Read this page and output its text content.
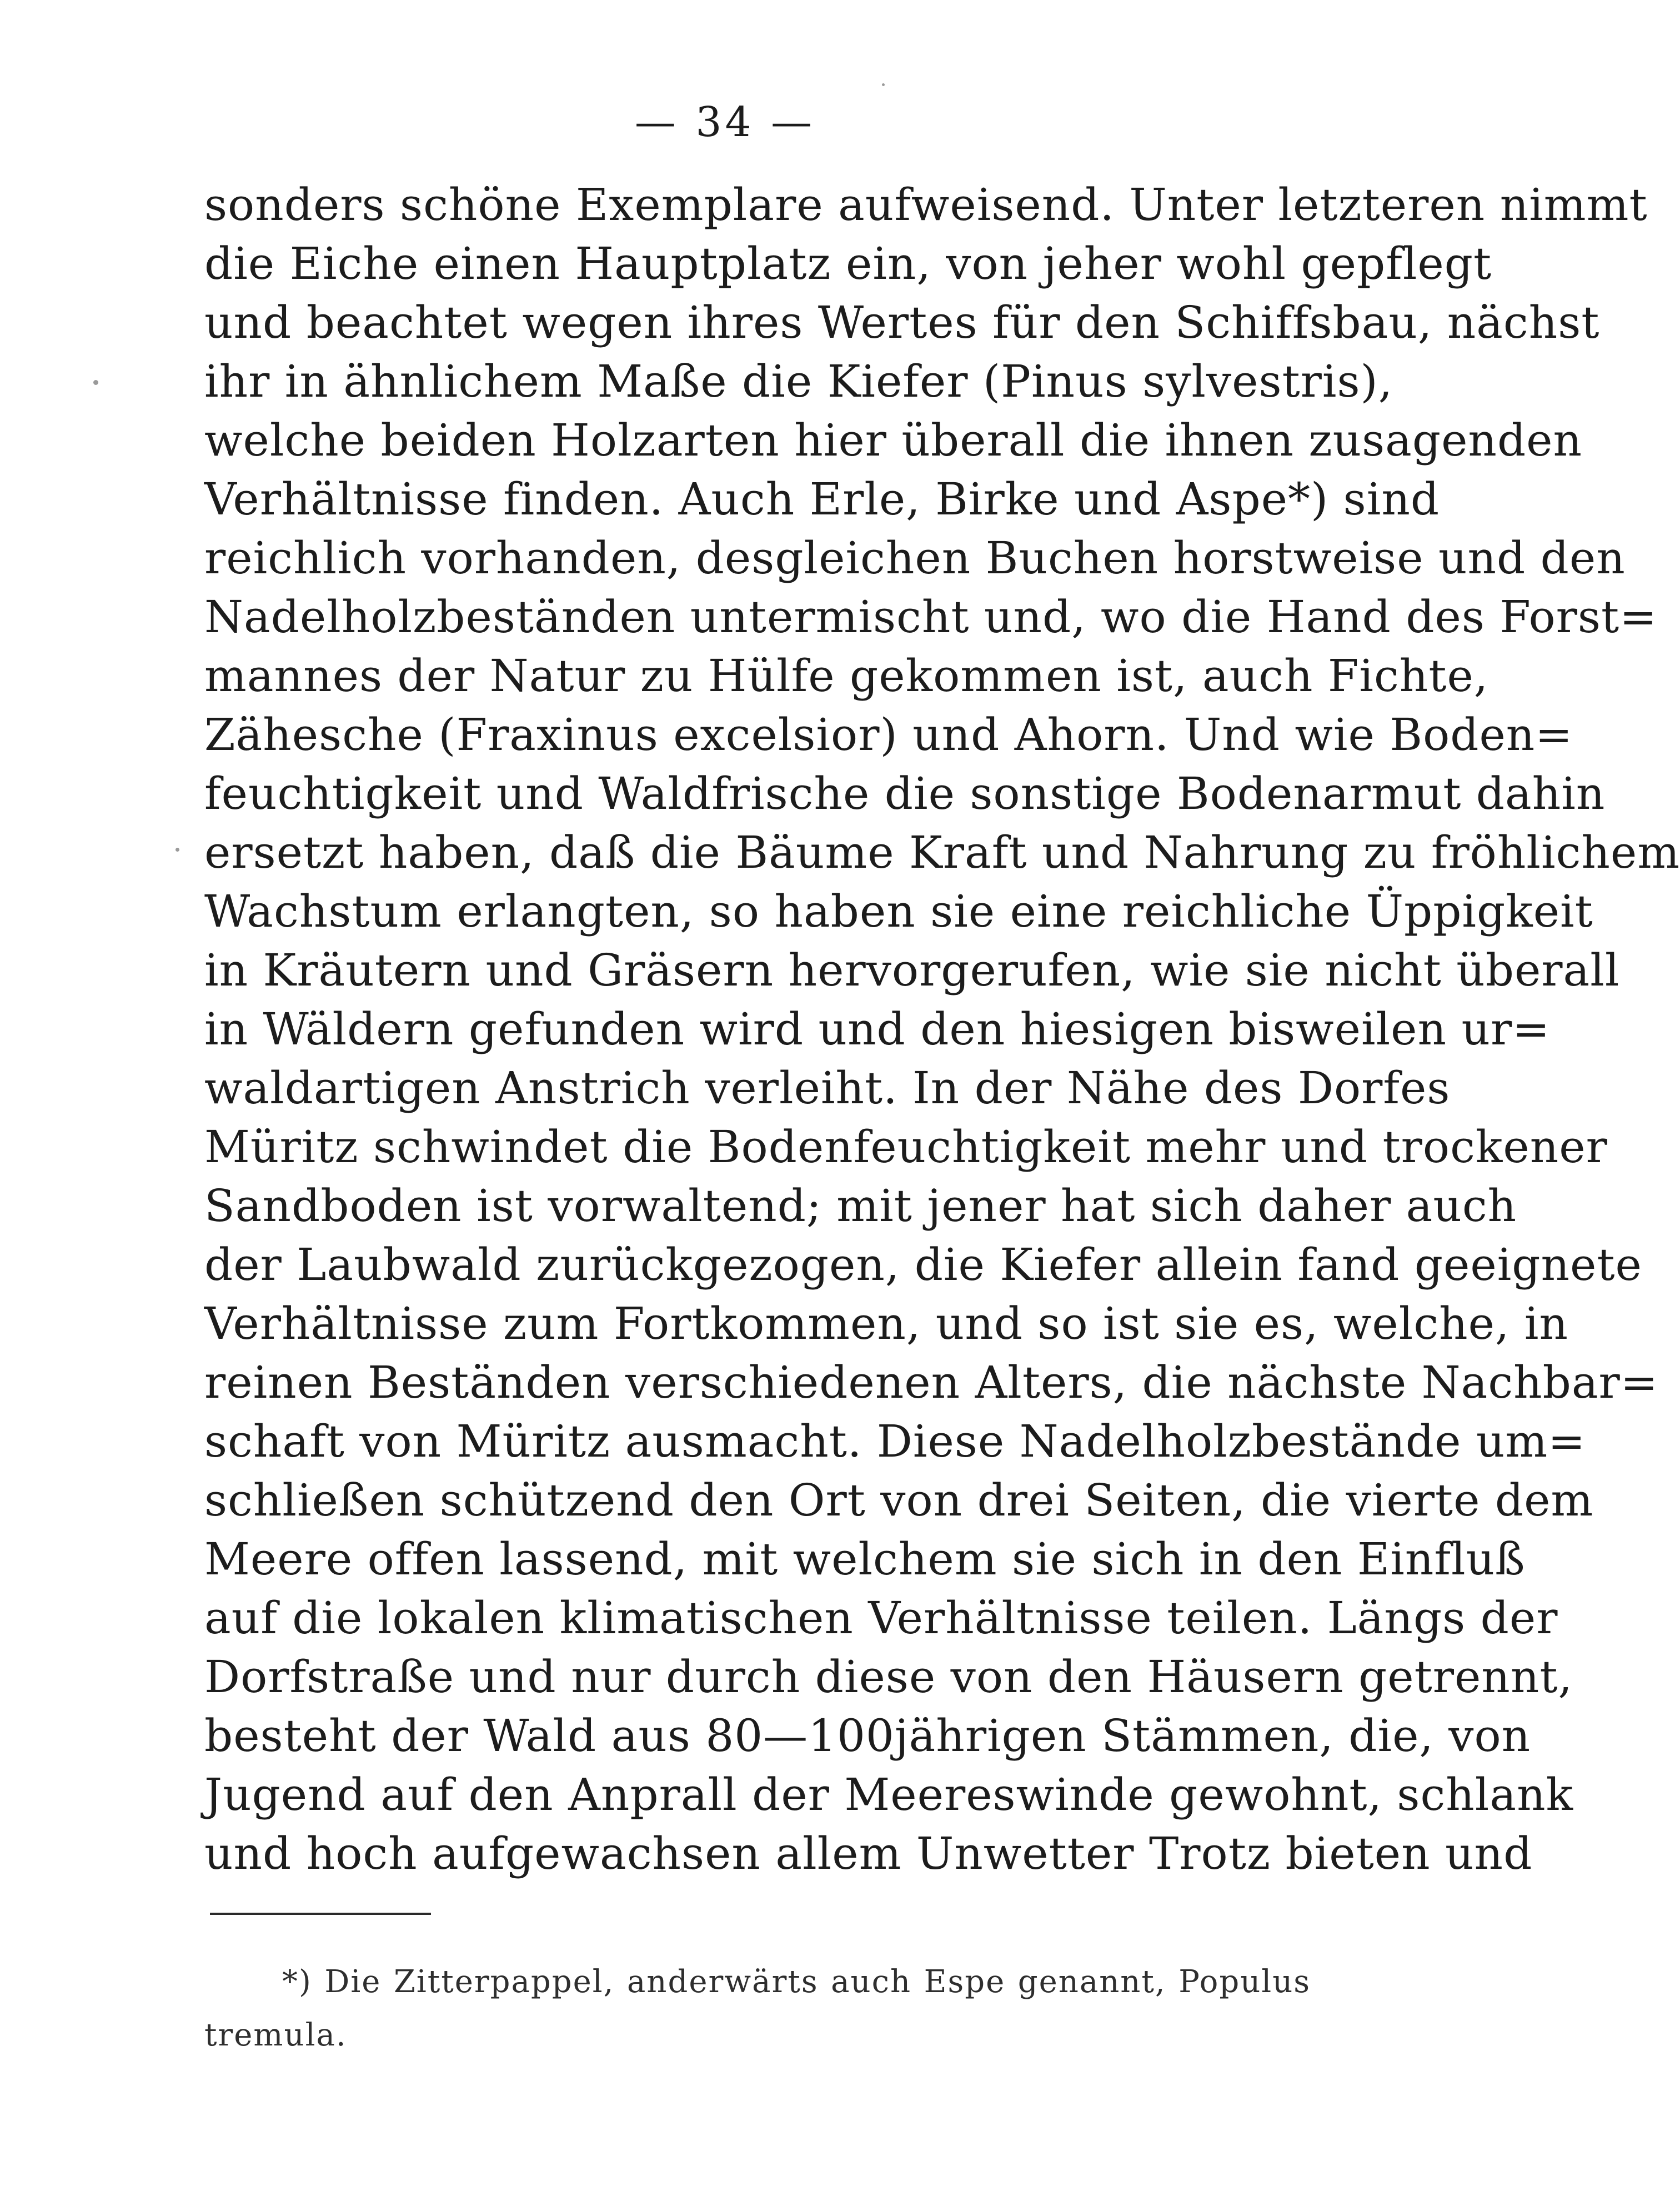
— 34 —

sonders schöne Exemplare aufweisend. Unter letzteren nimmt
die Eiche einen Hauptplatz ein, von jeher wohl gepflegt
und beachtet wegen ihres Wertes für den Schiffsbau, nächst
ihr in ähnlichem Maße die Kiefer (Pinus sylvestris),
welche beiden Holzarten hier überall die ihnen zusagenden
Verhältnisse finden. Auch Erle, Birke und Aspe*) sind
reichlich vorhanden, desgleichen Buchen horstweise und den
Nadelholzbeständen untermischt und, wo die Hand des Forst=
mannes der Natur zu Hülfe gekommen ist, auch Fichte,
Zäheschе (Fraxinus excelsior) und Ahorn. Und wie Boden=
feuchtigkeit und Waldfrische die sonstige Bodenarmut dahin
ersetzt haben, daß die Bäume Kraft und Nahrung zu fröhlichem
Wachstum erlangten, so haben sie eine reichliche Üppigkeit
in Kräutern und Gräsern hervorgerufen, wie sie nicht überall
in Wäldern gefunden wird und den hiesigen bisweilen ur=
waldartigen Anstrich verleiht. In der Nähe des Dorfes
Müritz schwindet die Bodenfeuchtigkeit mehr und trockener
Sandboden ist vorwaltend; mit jener hat sich daher auch
der Laubwald zurückgezogen, die Kiefer allein fand geeignete
Verhältnisse zum Fortkommen, und so ist sie es, welche, in
reinen Beständen verschiedenen Alters, die nächste Nachbar=
schaft von Müritz ausmacht. Diese Nadelholzbestände um=
schließen schützend den Ort von drei Seiten, die vierte dem
Meere offen lassend, mit welchem sie sich in den Einfluß
auf die lokalen klimatischen Verhältnisse teilen. Längs der
Dorfstraße und nur durch diese von den Häusern getrennt,
besteht der Wald aus 80—100jährigen Stämmen, die, von
Jugend auf den Anprall der Meereswinde gewohnt, schlank
und hoch aufgewachsen allem Unwetter Trotz bieten und
*) Die Zitterpappel, anderwärts auch Espe genannt, Populus
tremula.
